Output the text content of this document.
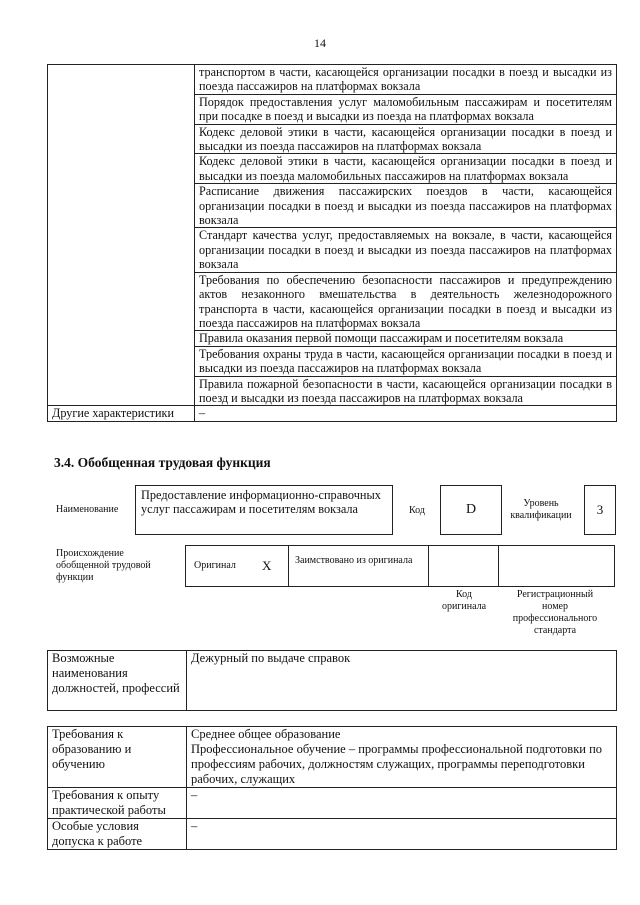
14
	транспортом в части, касающейся организации посадки в поезд и высадки из поезда пассажиров на платформах вокзала
	Порядок предоставления услуг маломобильным пассажирам и посетителям при посадке в поезд и высадки из поезда на платформах вокзала
	Кодекс деловой этики в части, касающейся организации посадки в поезд и высадки из поезда пассажиров на платформах вокзала
	Кодекс деловой этики в части, касающейся организации посадки в поезд и высадки из поезда маломобильных пассажиров на платформах вокзала
	Расписание движения пассажирских поездов в части, касающейся организации посадки в поезд и высадки из поезда пассажиров на платформах вокзала
	Стандарт качества услуг, предоставляемых на вокзале, в части, касающейся организации посадки в поезд и высадки из поезда пассажиров на платформах вокзала
	Требования по обеспечению безопасности пассажиров и предупреждению актов незаконного вмешательства в деятельность железнодорожного транспорта в части, касающейся организации посадки в поезд и высадки из поезда пассажиров на платформах вокзала
	Правила оказания первой помощи пассажирам и посетителям вокзала
	Требования охраны труда в части, касающейся организации посадки в поезд и высадки из поезда пассажиров на платформах вокзала
	Правила пожарной безопасности в части, касающейся организации посадки в поезд и высадки из поезда пассажиров на платформах вокзала
Другие характеристики	–
3.4. Обобщенная трудовая функция
Наименование
Предоставление информационно-справочных услуг пассажирам и посетителям вокзала	Код	D	Уровень квалификации	3
Происхождение обобщенной трудовой функции
Оригинал X Заимствовано из оригинала
Код оригинала
Регистрационный номер профессионального стандарта
Возможные наименования должностей, профессий	Дежурный по выдаче справок
Требования к образованию и обучению	Среднее общее образование
Профессиональное обучение – программы профессиональной подготовки по профессиям рабочих, должностям служащих, программы переподготовки рабочих, служащих

Требования к опыту практической работы	–
Особые условия допуска к работе	–
